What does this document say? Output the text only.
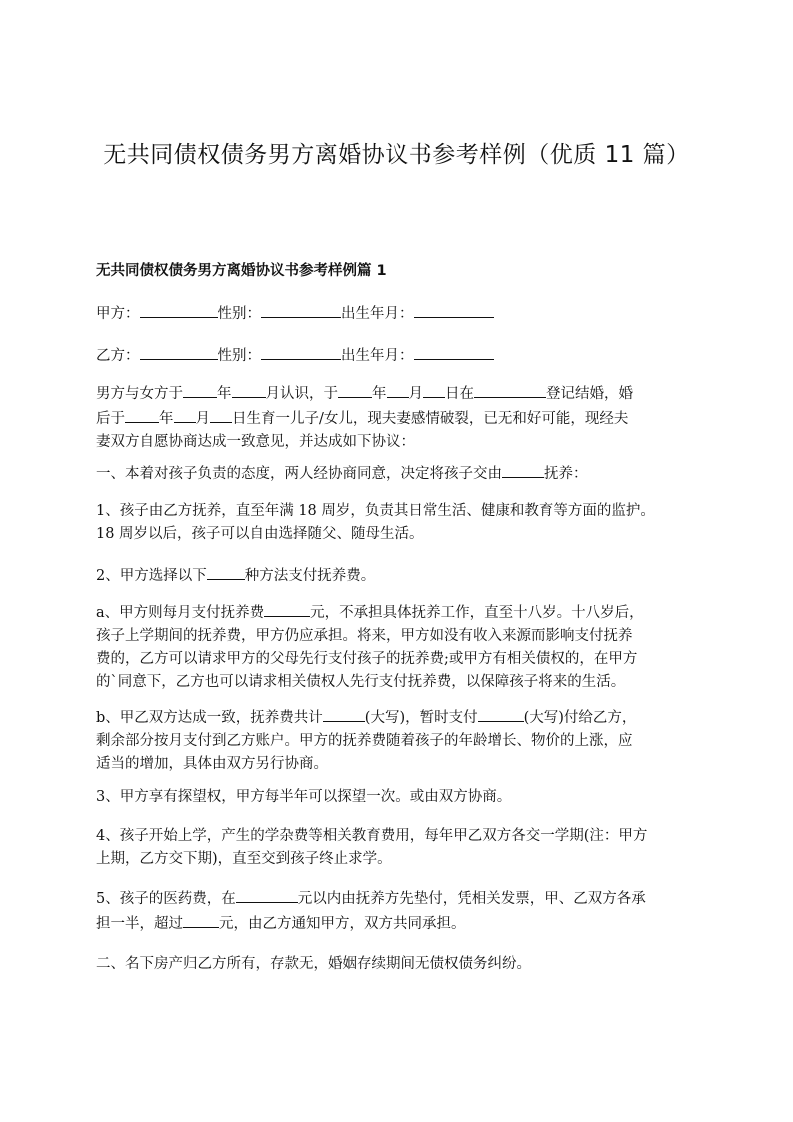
无共同债权债务男方离婚协议书参考样例（优质 11 篇）
无共同债权债务男方离婚协议书参考样例篇 1
甲方：	性别：	出生年月：
乙方：	性别：	出生年月：
男方与女方于 年 月认识，于 年 月 日在	登记结婚，婚
后于 年 月 日生育一儿子/女儿，现夫妻感情破裂，已无和好可能，现经夫
妻双方自愿协商达成一致意见，并达成如下协议：
一、本着对孩子负责的态度，两人经协商同意，决定将孩子交由	抚养：
1、孩子由乙方抚养，直至年满 18 周岁，负责其日常生活、健康和教育等方面的监护。
18 周岁以后，孩子可以自由选择随父、随母生活。
2、甲方选择以下	种方法支付抚养费。
a、甲方则每月支付抚养费	元，不承担具体抚养工作，直至十八岁。十八岁后，
孩子上学期间的抚养费，甲方仍应承担。将来，甲方如没有收入来源而影响支付抚养
费的，乙方可以请求甲方的父母先行支付孩子的抚养费;或甲方有相关债权的，在甲方
的`同意下，乙方也可以请求相关债权人先行支付抚养费，以保障孩子将来的生活。
b、甲乙双方达成一致，抚养费共计	(大写)，暂时支付	(大写)付给乙方，
剩余部分按月支付到乙方账户。甲方的抚养费随着孩子的年龄增长、物价的上涨，应
适当的增加，具体由双方另行协商。
3、甲方享有探望权，甲方每半年可以探望一次。或由双方协商。
4、孩子开始上学，产生的学杂费等相关教育费用，每年甲乙双方各交一学期(注：甲方
上期，乙方交下期)，直至交到孩子终止求学。
5、孩子的医药费，在	元以内由抚养方先垫付，凭相关发票，甲、乙双方各承
担一半，超过 元，由乙方通知甲方，双方共同承担。
二、名下房产归乙方所有，存款无，婚姻存续期间无债权债务纠纷。
